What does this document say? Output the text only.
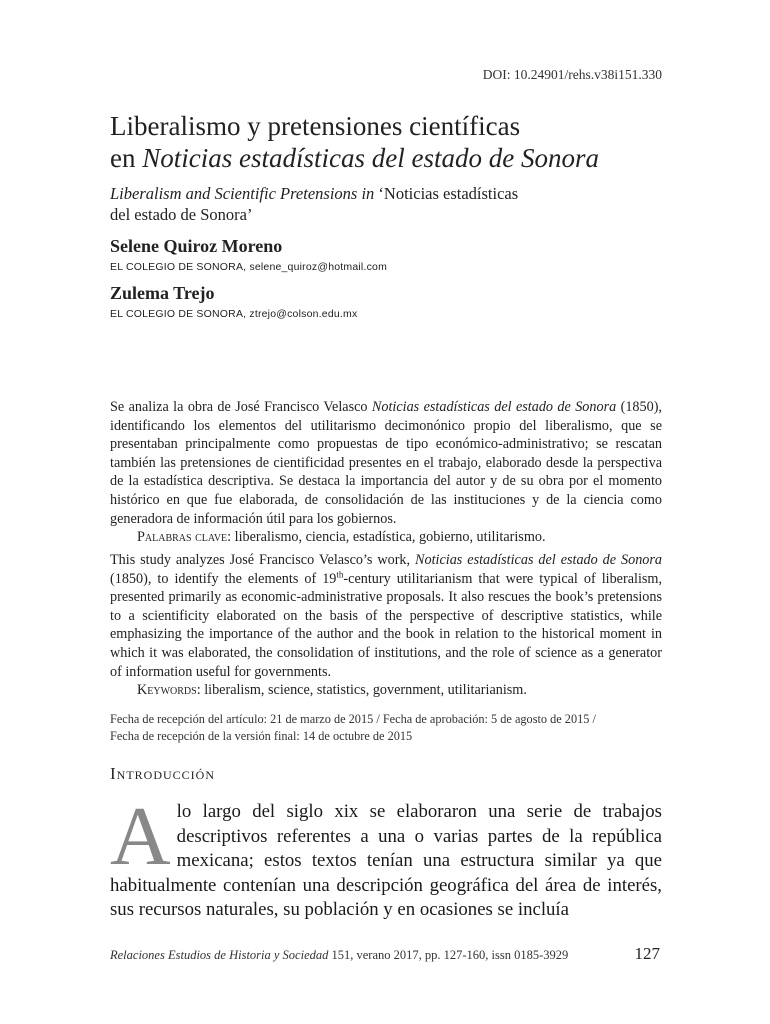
DOI: 10.24901/rehs.v38i151.330
Liberalismo y pretensiones científicas
en Noticias estadísticas del estado de Sonora
Liberalism and Scientific Pretensions in ‘Noticias estadísticas
del estado de Sonora’
Selene Quiroz Moreno
EL COLEGIO DE SONORA, selene_quiroz@hotmail.com
Zulema Trejo
EL COLEGIO DE SONORA, ztrejo@colson.edu.mx
Se analiza la obra de José Francisco Velasco Noticias estadísticas del estado de Sonora (1850), identificando los elementos del utilitarismo decimonónico propio del liberalismo, que se presentaban principalmente como propuestas de tipo económico-administrativo; se rescatan también las pretensiones de cientificidad presentes en el trabajo, elaborado desde la perspectiva de la estadística descriptiva. Se destaca la importancia del autor y de su obra por el momento histórico en que fue elaborada, de consolidación de las instituciones y de la ciencia como generadora de información útil para los gobiernos.
Palabras clave: liberalismo, ciencia, estadística, gobierno, utilitarismo.
This study analyzes José Francisco Velasco’s work, Noticias estadísticas del estado de Sonora (1850), to identify the elements of 19th-century utilitarianism that were typical of liberalism, presented primarily as economic-administrative proposals. It also rescues the book’s pretensions to a scientificity elaborated on the basis of the perspective of descriptive statistics, while emphasizing the importance of the author and the book in relation to the historical moment in which it was elaborated, the consolidation of institutions, and the role of science as a generator of information useful for governments.
Keywords: liberalism, science, statistics, government, utilitarianism.
Fecha de recepción del artículo: 21 de marzo de 2015 / Fecha de aprobación: 5 de agosto de 2015 /
Fecha de recepción de la versión final: 14 de octubre de 2015
Introducción
Alo largo del siglo xix se elaboraron una serie de trabajos descriptivos referentes a una o varias partes de la república mexicana; estos textos tenían una estructura similar ya que habitualmente contenían una descripción geográfica del área de interés, sus recursos naturales, su población y en ocasiones se incluía
Relaciones Estudios de Historia y Sociedad 151, verano 2017, pp. 127-160, issn 0185-3929	127
